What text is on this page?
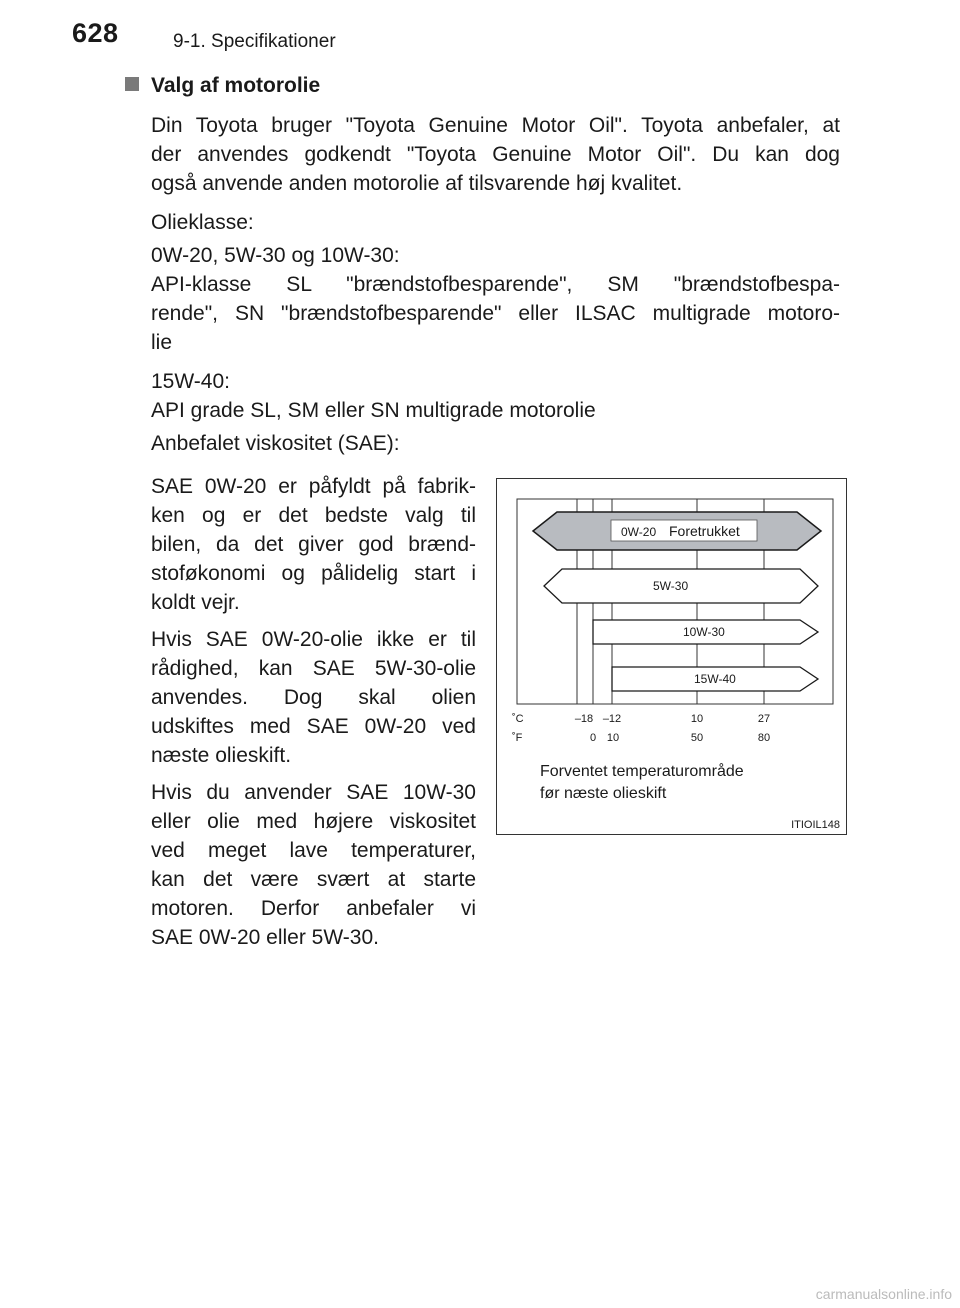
628	9-1. Specifikationer
Valg af motorolie
Din Toyota bruger "Toyota Genuine Motor Oil". Toyota anbefaler, at
der anvendes godkendt "Toyota Genuine Motor Oil". Du kan dog
også anvende anden motorolie af tilsvarende høj kvalitet.
Olieklasse:
0W-20, 5W-30 og 10W-30:
API-klasse SL "brændstofbesparende", SM "brændstofbespa-
rende", SN "brændstofbesparende" eller ILSAC multigrade motoro-
lie
15W-40:
API grade SL, SM eller SN multigrade motorolie
Anbefalet viskositet (SAE):
SAE 0W-20 er påfyldt på fabrik-
ken og er det bedste valg til
bilen, da det giver god brænd-
stoføkonomi og pålidelig start i
koldt vejr.
Hvis SAE 0W-20-olie ikke er til
rådighed, kan SAE 5W-30-olie
anvendes. Dog skal olien
udskiftes med SAE 0W-20 ved
næste olieskift.
Hvis du anvender SAE 10W-30
eller olie med højere viskositet
ved meget lave temperaturer,
kan det være svært at starte
motoren. Derfor anbefaler vi
SAE 0W-20 eller 5W-30.
0W-20 Foretrukket
5W-30
10W-30
15W-40
˚C
˚F
–18 –12	10	27
0 10	50	80
Forventet temperaturområde
før næste olieskift
ITIOIL148
carmanualsonline.info
